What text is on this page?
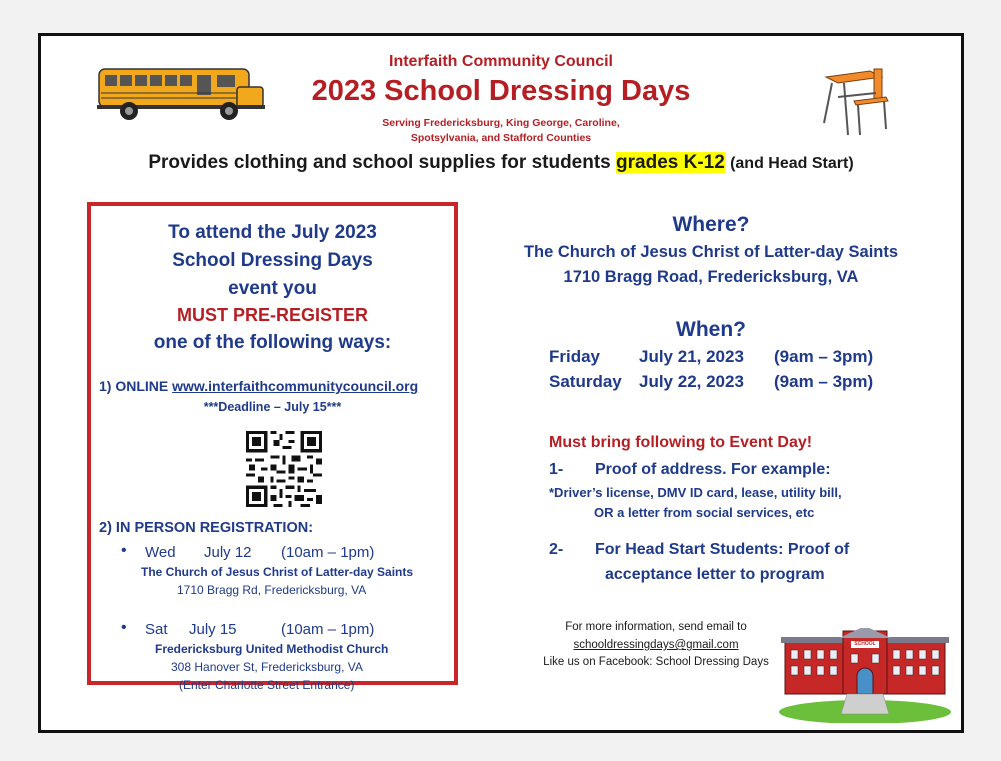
Interfaith Community Council
2023 School Dressing Days
Serving Fredericksburg, King George, Caroline,
Spotsylvania, and Stafford Counties
Provides clothing and school supplies for students grades K-12 (and Head Start)
To attend the July 2023
School Dressing Days
event you
MUST PRE-REGISTER
one of the following ways:
1) ONLINE www.interfaithcommunitycouncil.org
***Deadline – July 15***
2) IN PERSON REGISTRATION:
• Wed July 12 (10am – 1pm)
The Church of Jesus Christ of Latter-day Saints
1710 Bragg Rd, Fredericksburg, VA
• Sat July 15	(10am – 1pm)
Fredericksburg United Methodist Church
308 Hanover St, Fredericksburg, VA
(Enter Charlotte Street Entrance)
Where?
The Church of Jesus Christ of Latter-day Saints
1710 Bragg Road, Fredericksburg, VA
When?
Friday July 21, 2023 (9am – 3pm)
Saturday July 22, 2023 (9am – 3pm)
Must bring following to Event Day!
1- Proof of address. For example:
*Driver’s license, DMV ID card, lease, utility bill,
OR a letter from social services, etc
2- For Head Start Students: Proof of
acceptance letter to program
For more information, send email to
schooldressingdays@gmail.com
Like us on Facebook: School Dressing Days
SCHOOL
